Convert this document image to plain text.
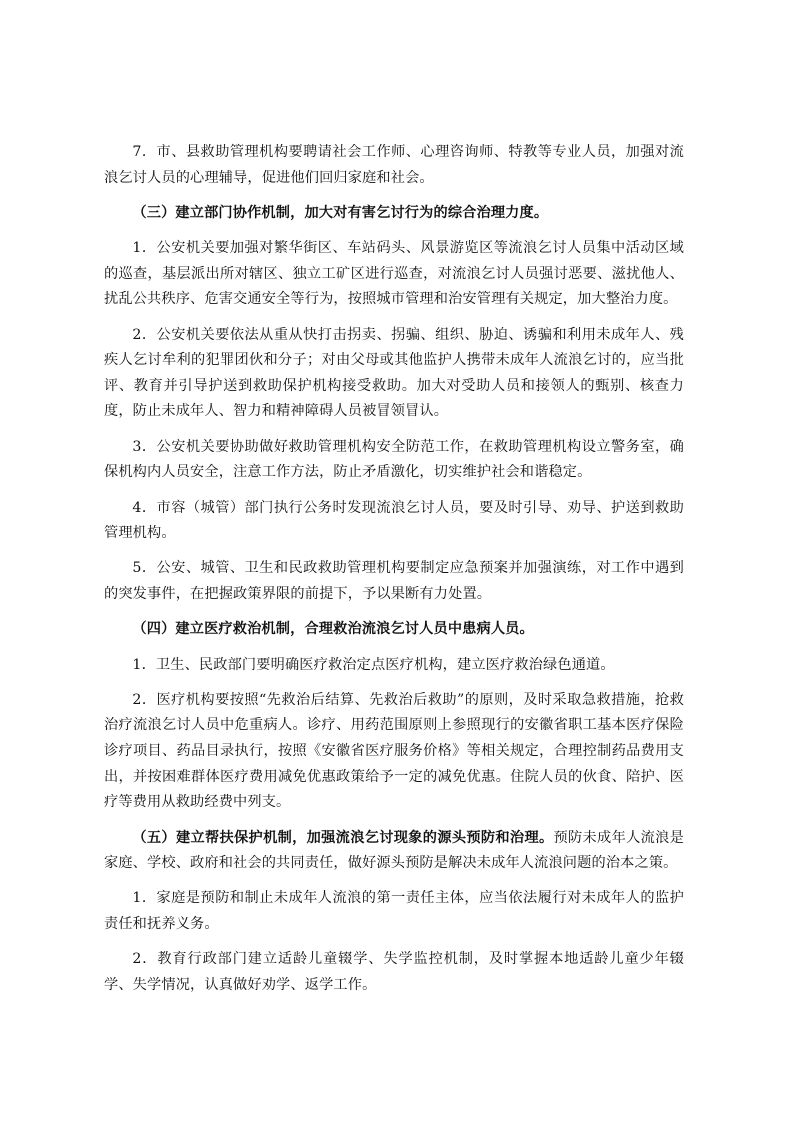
7．市、县救助管理机构要聘请社会工作师、心理咨询师、特教等专业人员，加强对流浪乞讨人员的心理辅导，促进他们回归家庭和社会。

（三）建立部门协作机制，加大对有害乞讨行为的综合治理力度。

1．公安机关要加强对繁华街区、车站码头、风景游览区等流浪乞讨人员集中活动区域的巡查，基层派出所对辖区、独立工矿区进行巡查，对流浪乞讨人员强讨恶要、滋扰他人、扰乱公共秩序、危害交通安全等行为，按照城市管理和治安管理有关规定，加大整治力度。

2．公安机关要依法从重从快打击拐卖、拐骗、组织、胁迫、诱骗和利用未成年人、残疾人乞讨牟利的犯罪团伙和分子；对由父母或其他监护人携带未成年人流浪乞讨的，应当批评、教育并引导护送到救助保护机构接受救助。加大对受助人员和接领人的甄别、核查力度，防止未成年人、智力和精神障碍人员被冒领冒认。

3．公安机关要协助做好救助管理机构安全防范工作，在救助管理机构设立警务室，确保机构内人员安全，注意工作方法，防止矛盾激化，切实维护社会和谐稳定。

4．市容（城管）部门执行公务时发现流浪乞讨人员，要及时引导、劝导、护送到救助管理机构。

5．公安、城管、卫生和民政救助管理机构要制定应急预案并加强演练，对工作中遇到的突发事件，在把握政策界限的前提下，予以果断有力处置。

（四）建立医疗救治机制，合理救治流浪乞讨人员中患病人员。

1．卫生、民政部门要明确医疗救治定点医疗机构，建立医疗救治绿色通道。

2．医疗机构要按照“先救治后结算、先救治后救助”的原则，及时采取急救措施，抢救治疗流浪乞讨人员中危重病人。诊疗、用药范围原则上参照现行的安徽省职工基本医疗保险诊疗项目、药品目录执行，按照《安徽省医疗服务价格》等相关规定，合理控制药品费用支出，并按困难群体医疗费用减免优惠政策给予一定的减免优惠。住院人员的伙食、陪护、医疗等费用从救助经费中列支。

（五）建立帮扶保护机制，加强流浪乞讨现象的源头预防和治理。预防未成年人流浪是家庭、学校、政府和社会的共同责任，做好源头预防是解决未成年人流浪问题的治本之策。

1．家庭是预防和制止未成年人流浪的第一责任主体，应当依法履行对未成年人的监护责任和抚养义务。

2．教育行政部门建立适龄儿童辍学、失学监控机制，及时掌握本地适龄儿童少年辍学、失学情况，认真做好劝学、返学工作。
